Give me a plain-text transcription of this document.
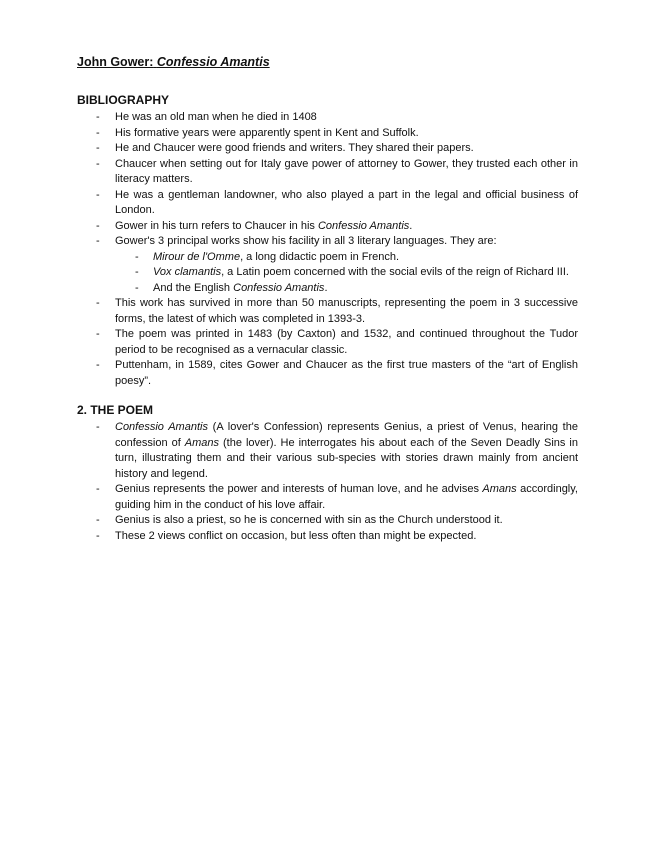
John Gower: Confessio Amantis
BIBLIOGRAPHY
- He was an old man when he died in 1408
- His formative years were apparently spent in Kent and Suffolk.
- He and Chaucer were good friends and writers. They shared their papers.
- Chaucer when setting out for Italy gave power of attorney to Gower, they trusted each other in literacy matters.
- He was a gentleman landowner, who also played a part in the legal and official business of London.
- Gower in his turn refers to Chaucer in his Confessio Amantis.
- Gower's 3 principal works show his facility in all 3 literary languages. They are:
- Mirour de l'Omme, a long didactic poem in French.
- Vox clamantis, a Latin poem concerned with the social evils of the reign of Richard III.
- And the English Confessio Amantis.
- This work has survived in more than 50 manuscripts, representing the poem in 3 successive forms, the latest of which was completed in 1393-3.
- The poem was printed in 1483 (by Caxton) and 1532, and continued throughout the Tudor period to be recognised as a vernacular classic.
- Puttenham, in 1589, cites Gower and Chaucer as the first true masters of the “art of English poesy”.
2. THE POEM
- Confessio Amantis (A lover's Confession) represents Genius, a priest of Venus, hearing the confession of Amans (the lover). He interrogates his about each of the Seven Deadly Sins in turn, illustrating them and their various sub-species with stories drawn mainly from ancient history and legend.
- Genius represents the power and interests of human love, and he advises Amans accordingly, guiding him in the conduct of his love affair.
- Genius is also a priest, so he is concerned with sin as the Church understood it.
- These 2 views conflict on occasion, but less often than might be expected.
